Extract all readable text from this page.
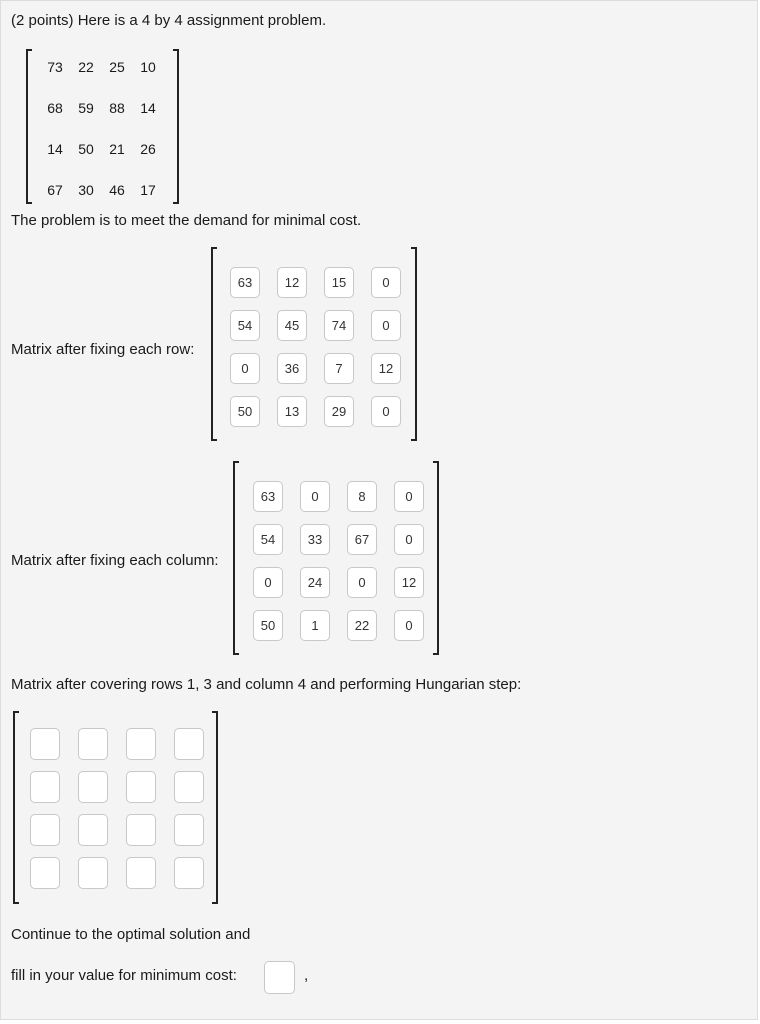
(2 points) Here is a 4 by 4 assignment problem.
73	22	25	10
68	59	88	14
14	50	21	26
67	30	46	17
The problem is to meet the demand for minimal cost.
Matrix after fixing each row:
63	12	15	0
54	45	74	0
0	36	7	12
50	13	29	0
Matrix after fixing each column:
63	0	8	0
54	33	67	0
0	24	0	12
50	1	22	0
Matrix after covering rows 1, 3 and column 4 and performing Hungarian step:
Continue to the optimal solution and
fill in your value for minimum cost:	,
